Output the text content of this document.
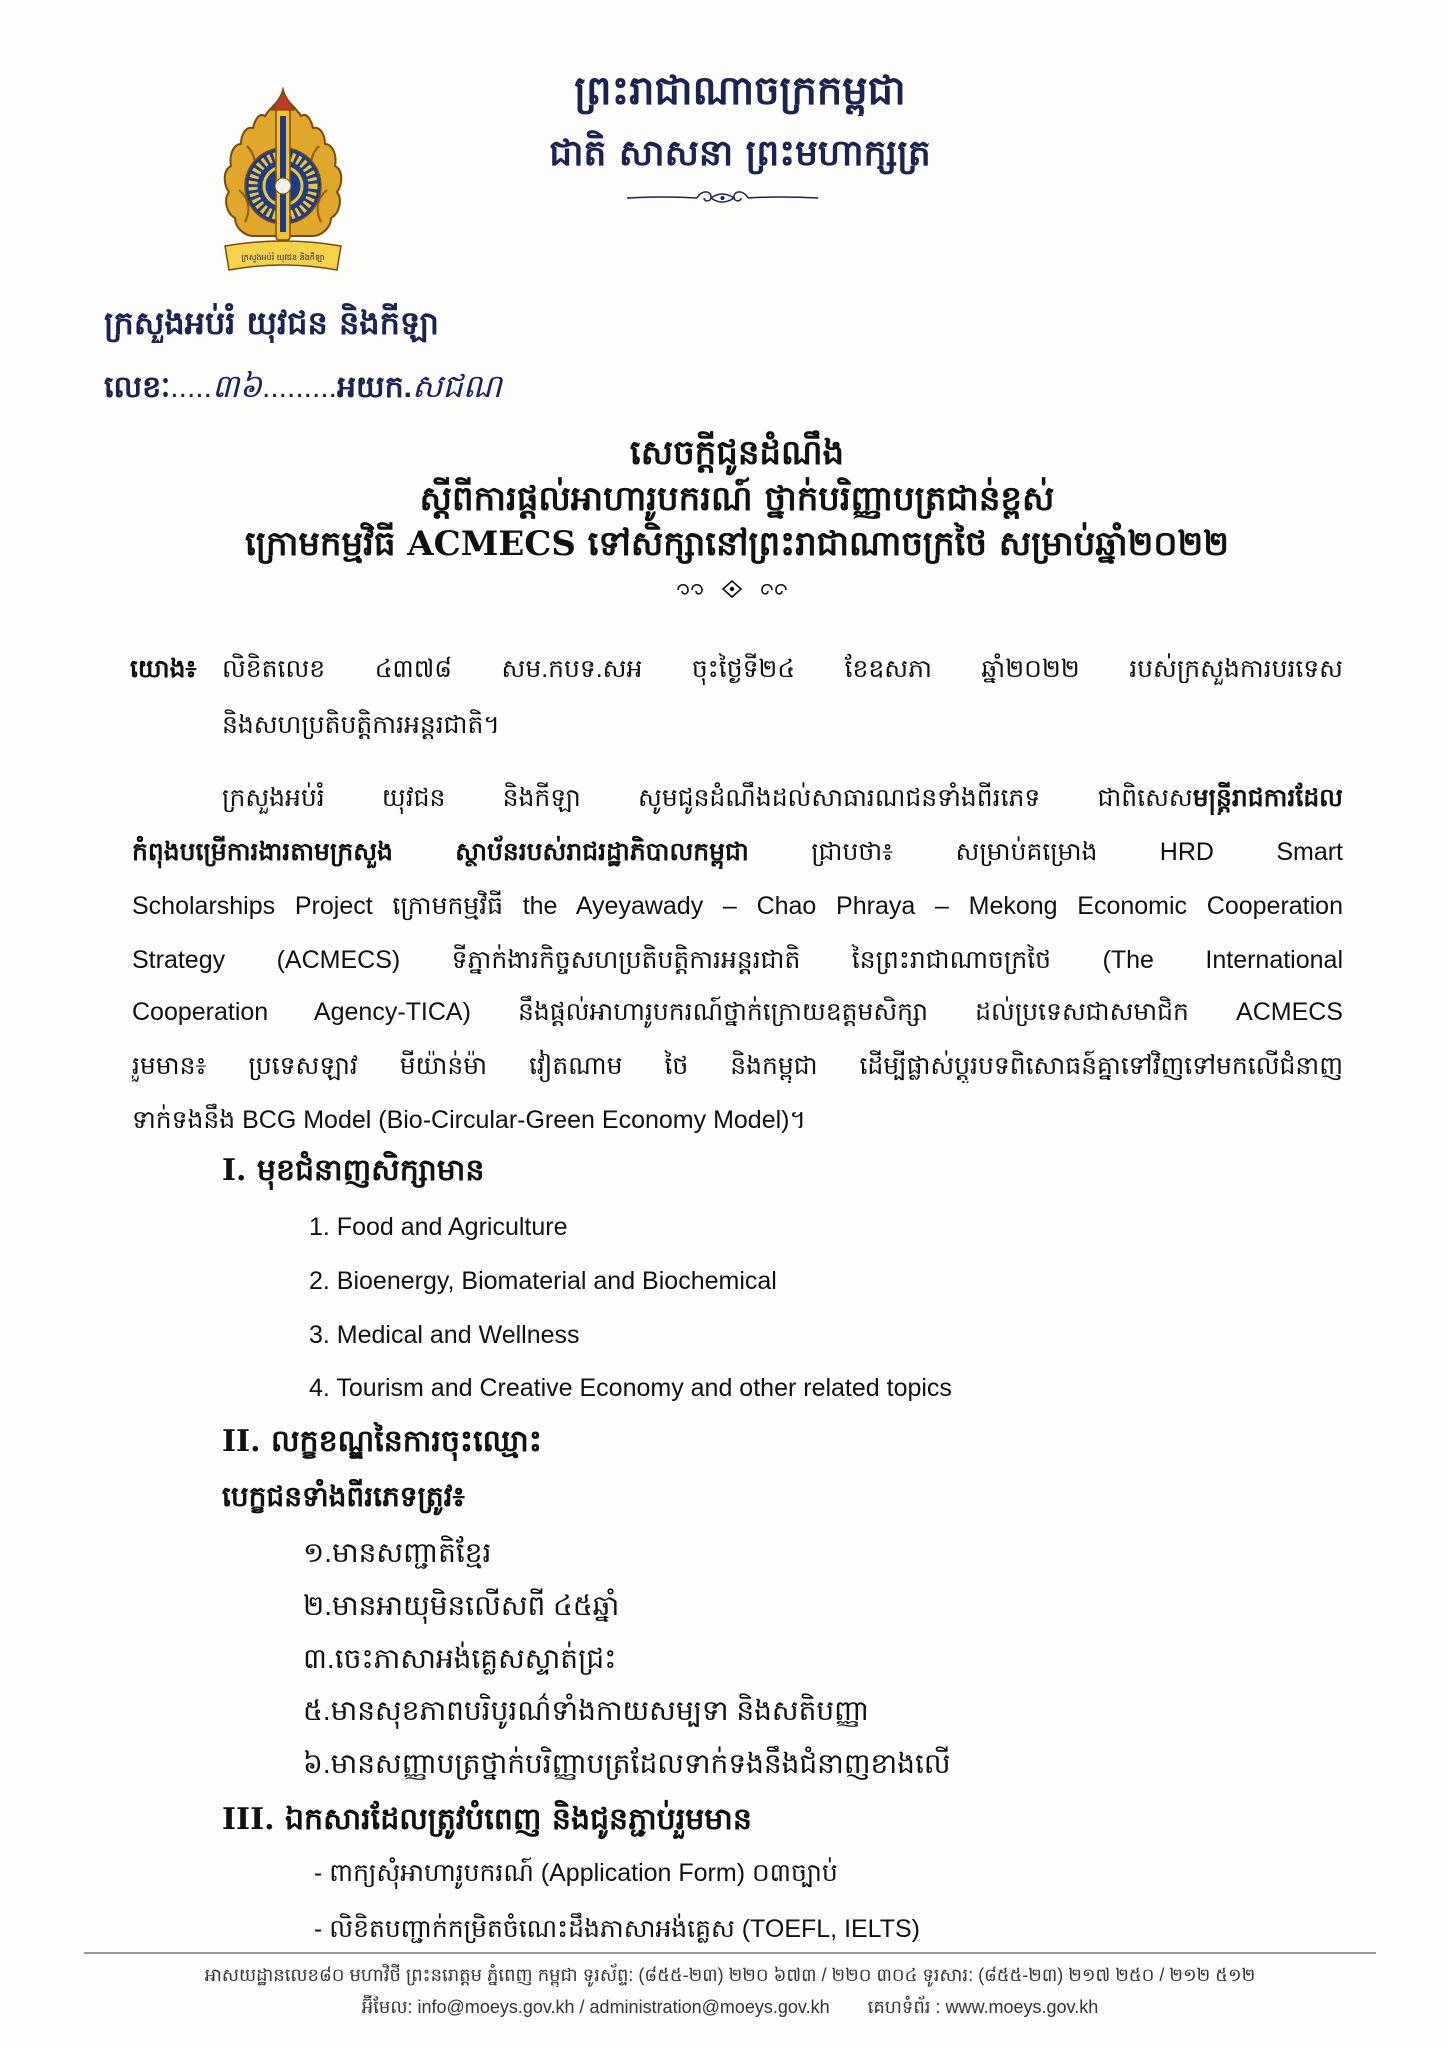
ក្រសួងអប់រំ យុវជន និងកីឡា
ព្រះរាជាណាចក្រកម្ពុជា
ជាតិ សាសនា ព្រះមហាក្សត្រ
ក្រសួងអប់រំ យុវជន និងកីឡា
លេខៈ.....៣៦.........អយក.សជណ
សេចក្តីជូនដំណឹង
ស្តីពីការផ្តល់អាហារូបករណ៍ ថ្នាក់បរិញ្ញាបត្រជាន់ខ្ពស់
ក្រោមកម្មវិធី ACMECS ទៅសិក្សានៅព្រះរាជាណាចក្រថៃ សម្រាប់ឆ្នាំ២០២២
យោង៖	លិខិតលេខ ៤៣៧៨ សម.កបទ.សអ ចុះថ្ងៃទី២៤ ខែឧសភា ឆ្នាំ២០២២ របស់ក្រសួងការបរទេស
និងសហប្រតិបត្តិការអន្តរជាតិ។
ក្រសួងអប់រំ យុវជន និងកីឡា សូមជូនដំណឹងដល់សាធារណជនទាំងពីរភេទ ជាពិសេសមន្ត្រីរាជការដែល
កំពុងបម្រើការងារតាមក្រសួង ស្ថាប័នរបស់រាជរដ្ឋាភិបាលកម្ពុជា ជ្រាបថា៖ សម្រាប់គម្រោង HRD Smart
Scholarships Project ក្រោមកម្មវិធី the Ayeyawady – Chao Phraya – Mekong Economic Cooperation
Strategy (ACMECS) ទីភ្នាក់ងារកិច្ចសហប្រតិបត្តិការអន្តរជាតិ នៃព្រះរាជាណាចក្រថៃ (The International
Cooperation Agency-TICA) នឹងផ្តល់អាហារូបករណ៍ថ្នាក់ក្រោយឧត្តមសិក្សា ដល់ប្រទេសជាសមាជិក ACMECS
រួមមាន៖ ប្រទេសឡាវ មីយ៉ាន់ម៉ា វៀតណាម ថៃ និងកម្ពុជា ដើម្បីផ្លាស់ប្តូរបទពិសោធន៍គ្នាទៅវិញទៅមកលើជំនាញ
ទាក់ទងនឹង BCG Model (Bio-Circular-Green Economy Model)។
I. មុខជំនាញសិក្សាមាន
1. Food and Agriculture
2. Bioenergy, Biomaterial and Biochemical
3. Medical and Wellness
4. Tourism and Creative Economy and other related topics
II. លក្ខខណ្ឌនៃការចុះឈ្មោះ
បេក្ខជនទាំងពីរភេទត្រូវ៖
១.មានសញ្ជាតិខ្មែរ
២.មានអាយុមិនលើសពី ៤៥ឆ្នាំ
៣.ចេះភាសាអង់គ្លេសស្ទាត់ជ្រះ
៥.មានសុខភាពបរិបូរណ៌ទាំងកាយសម្បទា និងសតិបញ្ញា
៦.មានសញ្ញាបត្រថ្នាក់បរិញ្ញាបត្រដែលទាក់ទងនឹងជំនាញខាងលើ
III. ឯកសារដែលត្រូវបំពេញ និងជូនភ្ជាប់រួមមាន
- ពាក្យសុំអាហារូបករណ៍ (Application Form) ០៣ច្បាប់
- លិខិតបញ្ជាក់កម្រិតចំណេះដឹងភាសាអង់គ្លេស (TOEFL, IELTS)
អាសយដ្ឋានលេខ៨០ មហាវិថី ព្រះនរោត្តម ភ្នំពេញ កម្ពុជា ទូរស័ព្ទ: (៨៥៥-២៣) ២២០ ៦៧៣ / ២២០ ៣០៤ ទូរសារ: (៨៥៥-២៣) ២១៧ ២៥០ / ២១២ ៥១២
អ៊ីមែល: info@moeys.gov.kh / administration@moeys.gov.kh គេហទំព័រ : www.moeys.gov.kh
